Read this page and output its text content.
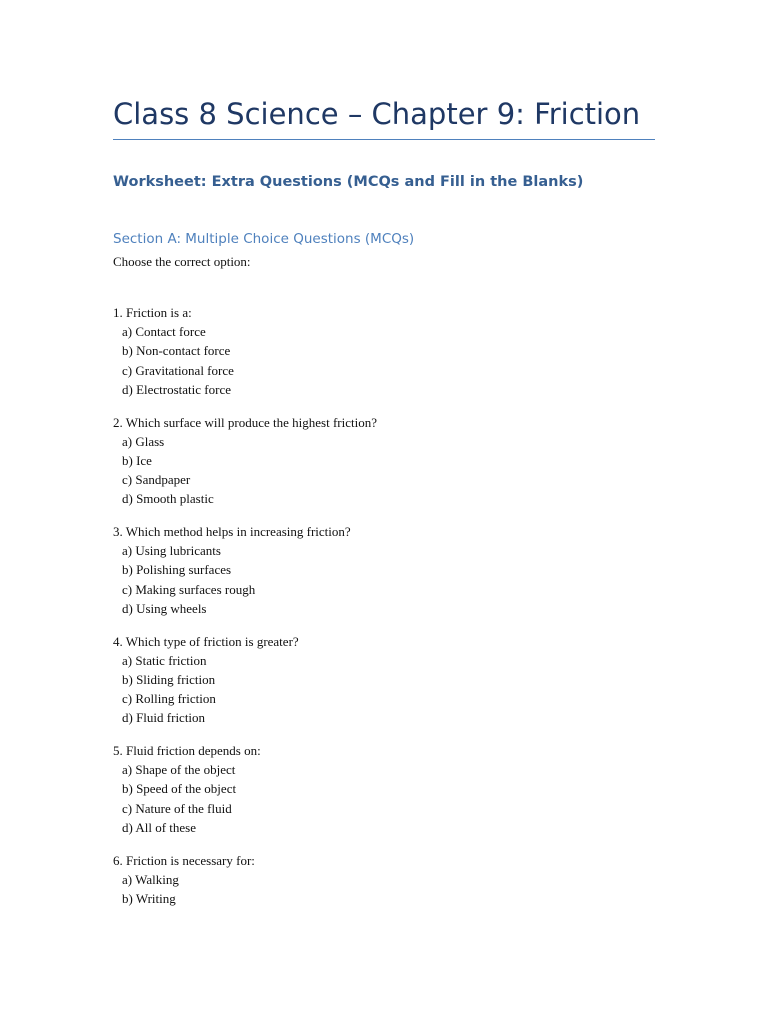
Class 8 Science – Chapter 9: Friction
Worksheet: Extra Questions (MCQs and Fill in the Blanks)
Section A: Multiple Choice Questions (MCQs)

Choose the correct option:

1. Friction is a:
a) Contact force
b) Non-contact force
c) Gravitational force
d) Electrostatic force
2. Which surface will produce the highest friction?
a) Glass
b) Ice
c) Sandpaper
d) Smooth plastic
3. Which method helps in increasing friction?
a) Using lubricants
b) Polishing surfaces
c) Making surfaces rough
d) Using wheels
4. Which type of friction is greater?
a) Static friction
b) Sliding friction
c) Rolling friction
d) Fluid friction
5. Fluid friction depends on:
a) Shape of the object
b) Speed of the object
c) Nature of the fluid
d) All of these
6. Friction is necessary for:
a) Walking
b) Writing
